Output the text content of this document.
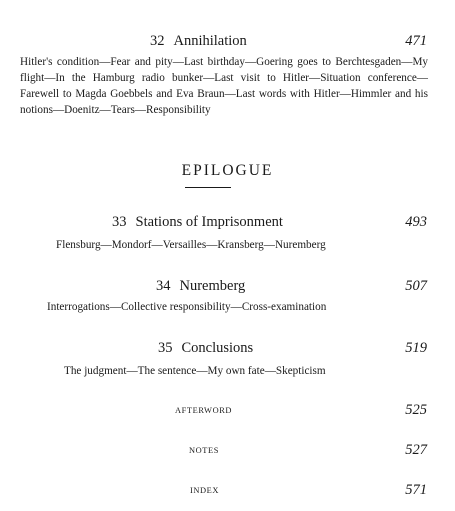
32 Annihilation	471
Hitler's condition—Fear and pity—Last birthday—Goering goes to Berchtesgaden—My flight—In the Hamburg radio bunker—Last visit to Hitler—Situation conference—Farewell to Magda Goebbels and Eva Braun—Last words with Hitler—Himmler and his notions—Doenitz—Tears—Responsibility
EPILOGUE
33 Stations of Imprisonment	493
Flensburg—Mondorf—Versailles—Kransberg—Nuremberg
34 Nuremberg	507
Interrogations—Collective responsibility—Cross-examination
35 Conclusions	519
The judgment—The sentence—My own fate—Skepticism
AFTERWORD	525
NOTES	527
INDEX	571
